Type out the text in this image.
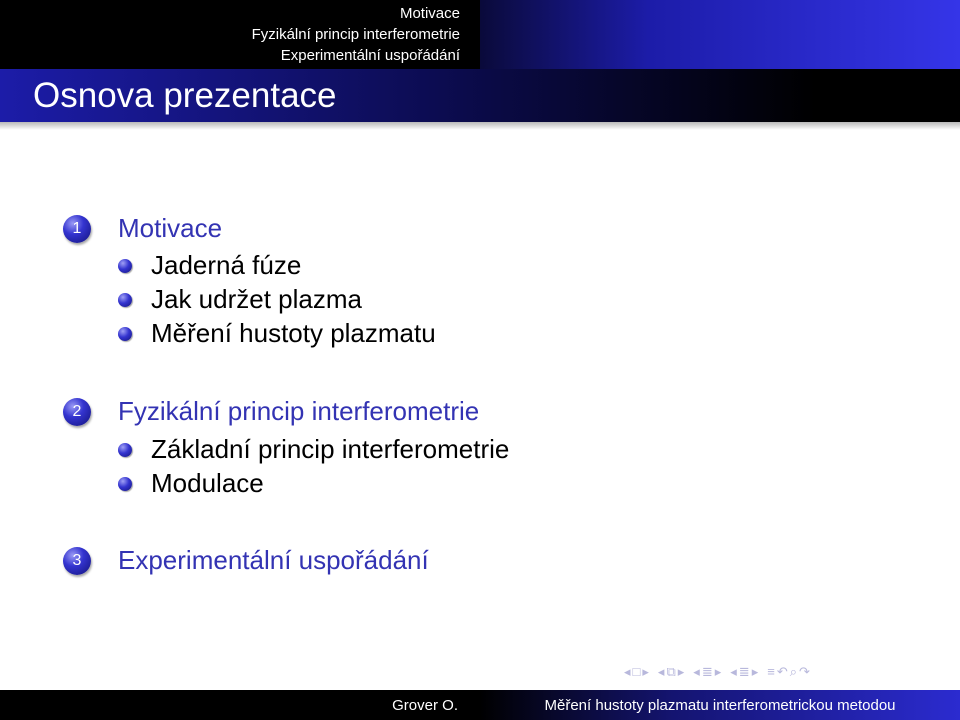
Motivace
Fyzikální princip interferometrie
Experimentální uspořádání
Osnova prezentace
1	Motivace
Jaderná fúze
Jak udržet plazma
Měření hustoty plazmatu
2	Fyzikální princip interferometrie
Základní princip interferometrie
Modulace
3	Experimentální uspořádání
◂ □ ▸ ◂ ⧉ ▸ ◂ ≣ ▸ ◂ ≣ ▸ ≡ ↶ ⌕ ↷
Grover O.	Měření hustoty plazmatu interferometrickou metodou
